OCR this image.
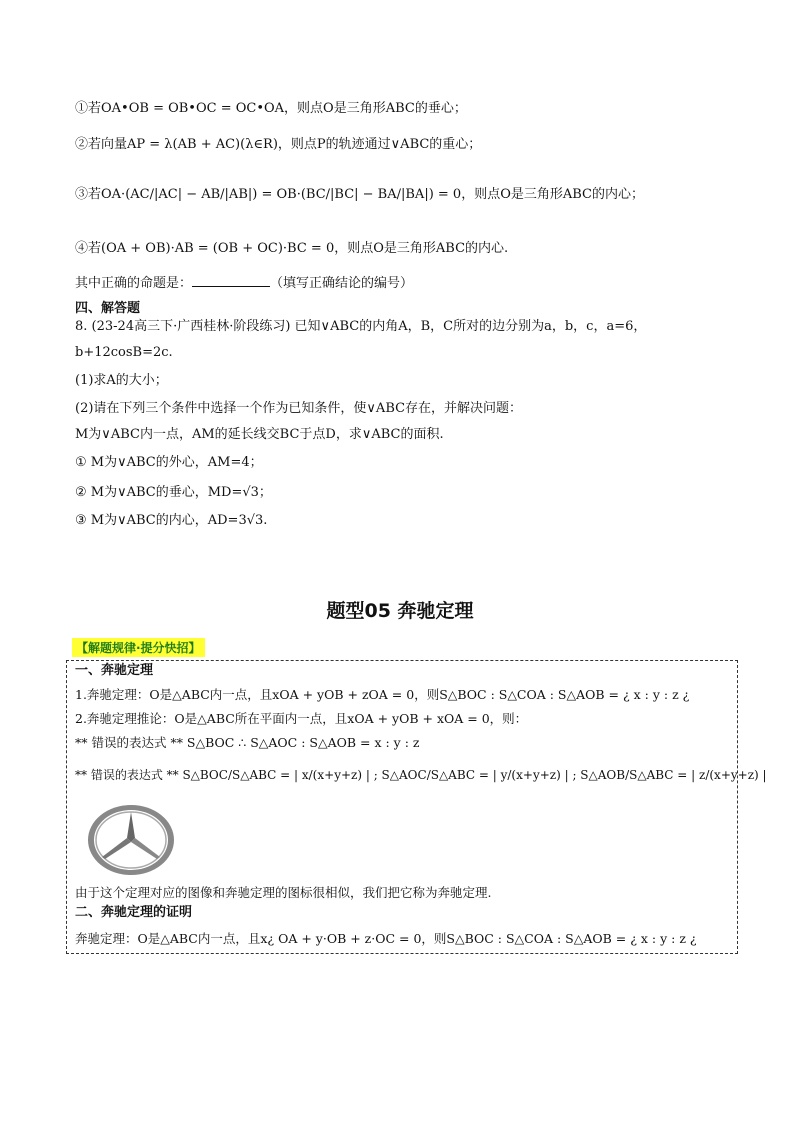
①若OA•OB = OB•OC = OC•OA，则点O是三角形ABC的垂心；
②若向量AP = λ(AB + AC)(λ∈R)，则点P的轨迹通过∨ABC的重心；
③若OA·(AC/|AC| − AB/|AB|) = OB·(BC/|BC| − BA/|BA|) = 0，则点O是三角形ABC的内心；
④若(OA + OB)·AB = (OB + OC)·BC = 0，则点O是三角形ABC的内心.
其中正确的命题是：	（填写正确结论的编号）
四、解答题
8. (23-24高三下·广西桂林·阶段练习) 已知∨ABC的内角A，B，C所对的边分别为a，b，c，a=6，
b+12cosB=2c.
(1)求A的大小；
(2)请在下列三个条件中选择一个作为已知条件，使∨ABC存在，并解决问题：
M为∨ABC内一点，AM的延长线交BC于点D，求∨ABC的面积.
① M为∨ABC的外心，AM=4；
② M为∨ABC的垂心，MD=√3；
③ M为∨ABC的内心，AD=3√3.
题型05 奔驰定理
【解题规律·提分快招】
一、奔驰定理
1.奔驰定理：O是△ABC内一点，且xOA + yOB + zOA = 0，则S△BOC : S△COA : S△AOB = ¿ x : y : z ¿
2.奔驰定理推论：O是△ABC所在平面内一点，且xOA + yOB + xOA = 0，则：
** 错误的表达式 ** S△BOC ∴ S△AOC : S△AOB = x : y : z
** 错误的表达式 ** S△BOC/S△ABC = | x/(x+y+z) | ; S△AOC/S△ABC = | y/(x+y+z) | ; S△AOB/S△ABC = | z/(x+y+z) |
由于这个定理对应的图像和奔驰定理的图标很相似，我们把它称为奔驰定理.
二、奔驰定理的证明
奔驰定理：O是△ABC内一点，且x¿ OA + y·OB + z·OC = 0，则S△BOC : S△COA : S△AOB = ¿ x : y : z ¿
